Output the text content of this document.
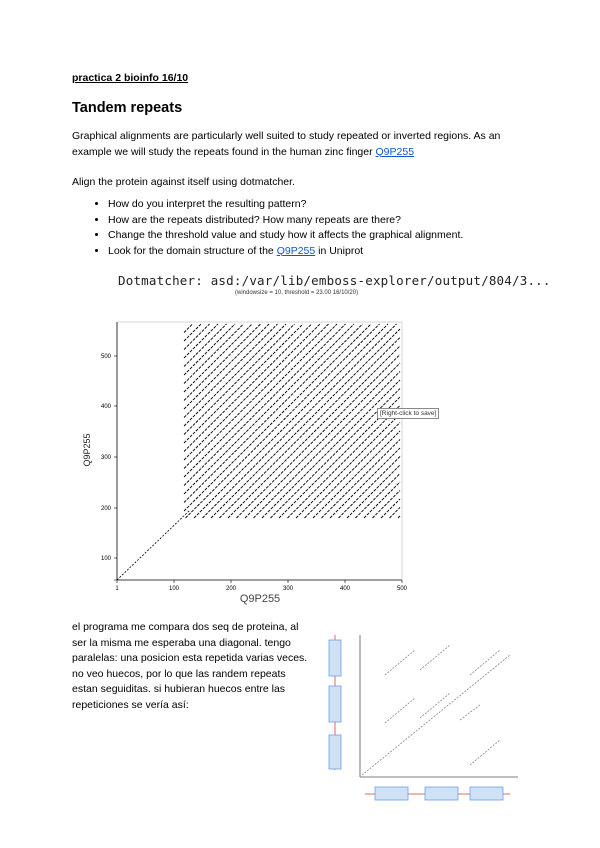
practica 2 bioinfo 16/10
Tandem repeats
Graphical alignments are particularly well suited to study repeated or inverted regions. As an example we will study the repeats found in the human zinc finger Q9P255
Align the protein against itself using dotmatcher.
• How do you interpret the resulting pattern?
• How are the repeats distributed? How many repeats are there?
• Change the threshold value and study how it affects the graphical alignment.
• Look for the domain structure of the Q9P255 in Uniprot
Dotmatcher: asd:/var/lib/emboss-explorer/output/804/3...
(windowsize = 10, threshold = 23.00 16/10/20)
1	100	200	300	400	500
500
400
300
200
100
Q9P255
Q9P255
[Right-click to save]
el programa me compara dos seq de proteina, al ser la misma me esperaba una diagonal. tengo paralelas: una posicion esta repetida varias veces. no veo huecos, por lo que las randem repeats estan seguiditas. si hubieran huecos entre las repeticiones se vería así:
